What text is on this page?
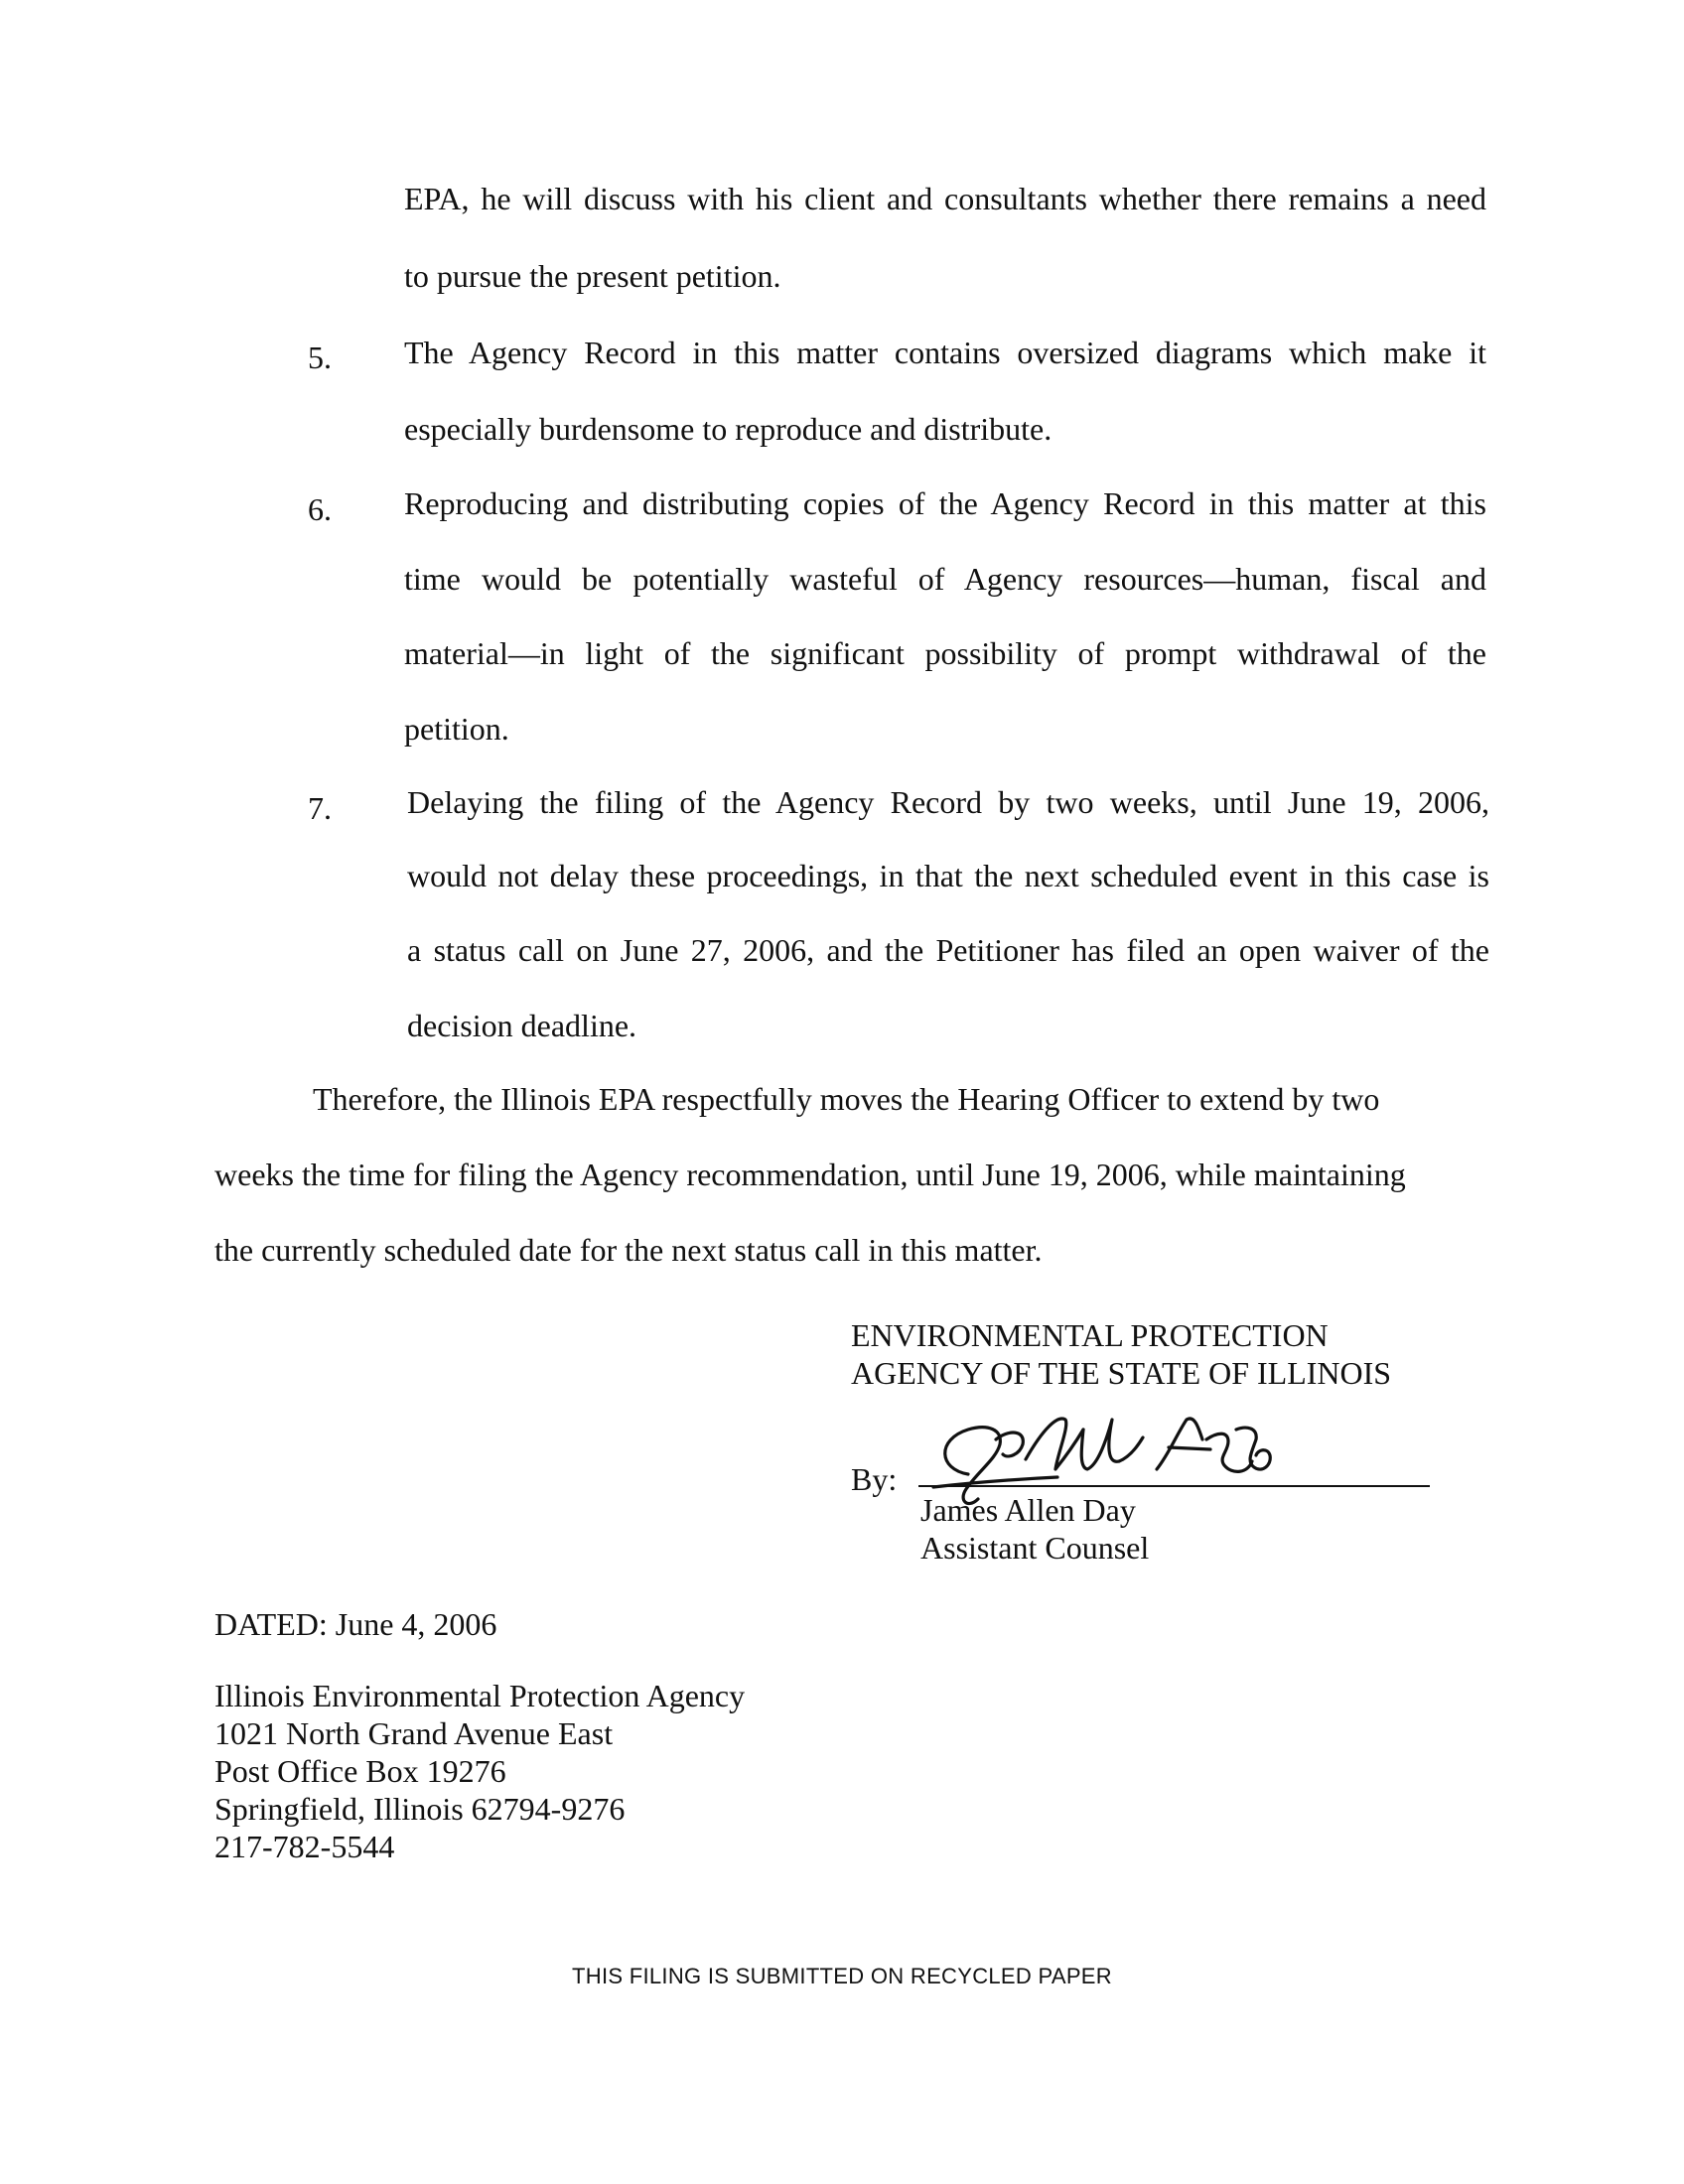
EPA, he will discuss with his client and consultants whether there remains a need
to pursue the present petition.
5. The Agency Record in this matter contains oversized diagrams which make it
especially burdensome to reproduce and distribute.
6. Reproducing and distributing copies of the Agency Record in this matter at this
time would be potentially wasteful of Agency resources—human, fiscal and
material—in light of the significant possibility of prompt withdrawal of the
petition.
7. Delaying the filing of the Agency Record by two weeks, until June 19, 2006,
would not delay these proceedings, in that the next scheduled event in this case is
a status call on June 27, 2006, and the Petitioner has filed an open waiver of the
decision deadline.
Therefore, the Illinois EPA respectfully moves the Hearing Officer to extend by two
weeks the time for filing the Agency recommendation, until June 19, 2006, while maintaining
the currently scheduled date for the next status call in this matter.
ENVIRONMENTAL PROTECTION
AGENCY OF THE STATE OF ILLINOIS
By:
James Allen Day
Assistant Counsel
DATED: June 4, 2006
Illinois Environmental Protection Agency
1021 North Grand Avenue East
Post Office Box 19276
Springfield, Illinois 62794-9276
217-782-5544
THIS FILING IS SUBMITTED ON RECYCLED PAPER
